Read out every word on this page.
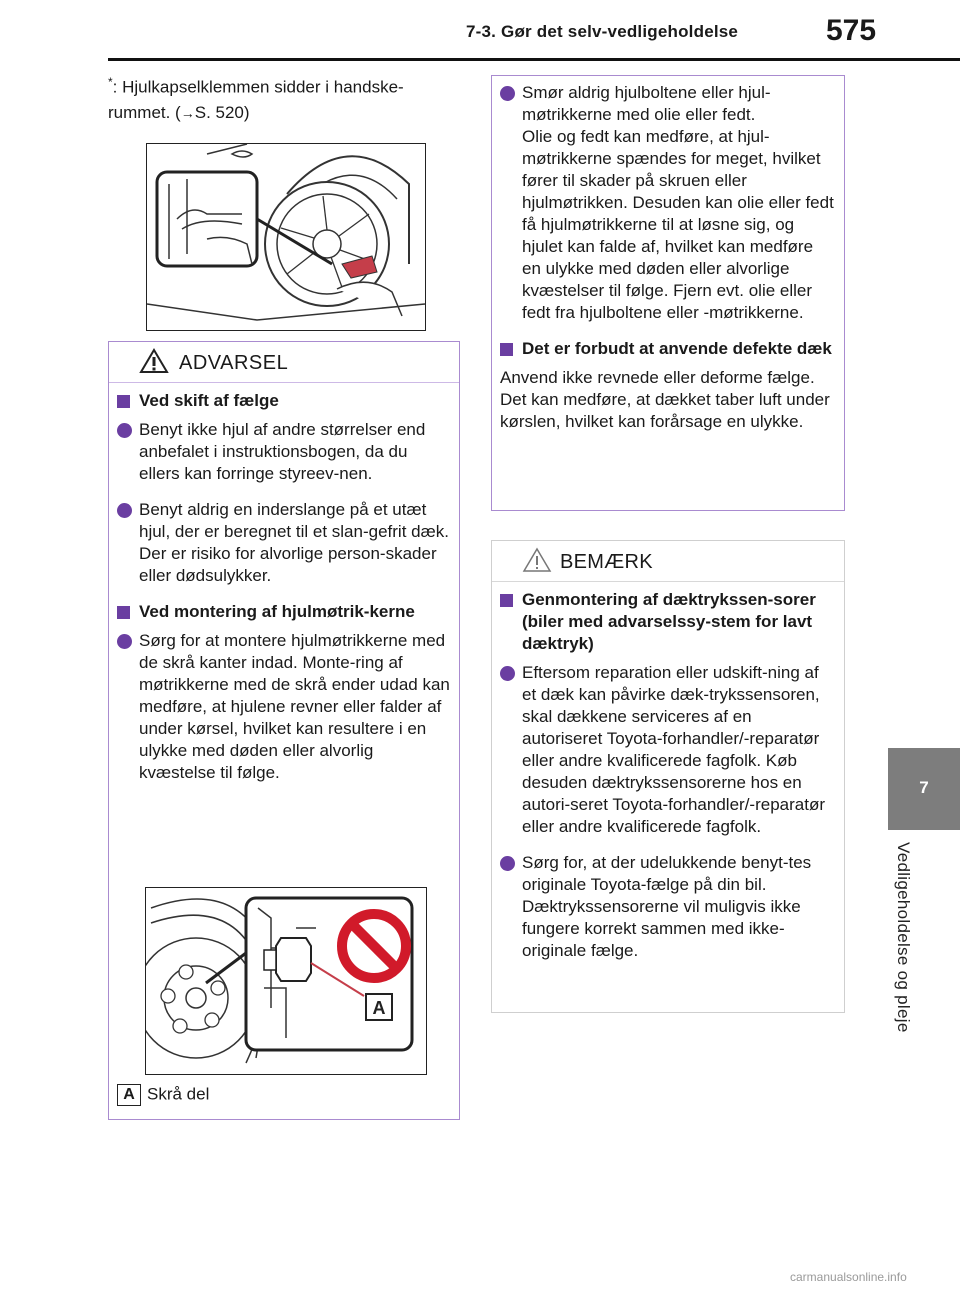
7-3. Gør det selv-vedligeholdelse	575
7
Vedligeholdelse og pleje
*: Hjulkapselklemmen sidder i handske-rummet. (→S. 520)
ADVARSEL
Ved skift af fælge
Benyt ikke hjul af andre størrelser end anbefalet i instruktionsbogen, da du ellers kan forringe styreev-nen.
Benyt aldrig en inderslange på et utæt hjul, der er beregnet til et slan-gefrit dæk.
Der er risiko for alvorlige person-skader eller dødsulykker.
Ved montering af hjulmøtrik-kerne
Sørg for at montere hjulmøtrikkerne med de skrå kanter indad. Monte-ring af møtrikkerne med de skrå ender udad kan medføre, at hjulene revner eller falder af under kørsel, hvilket kan resultere i en ulykke med døden eller alvorlig kvæstelse til følge.
A
A Skrå del
Smør aldrig hjulboltene eller hjul-møtrikkerne med olie eller fedt.
Olie og fedt kan medføre, at hjul-møtrikkerne spændes for meget, hvilket fører til skader på skruen eller hjulmøtrikken. Desuden kan olie eller fedt få hjulmøtrikkerne til at løsne sig, og hjulet kan falde af, hvilket kan medføre en ulykke med døden eller alvorlige kvæstelser til følge. Fjern evt. olie eller fedt fra hjulboltene eller -møtrikkerne.
Det er forbudt at anvende defekte dæk
Anvend ikke revnede eller deforme fælge. Det kan medføre, at dækket taber luft under kørslen, hvilket kan forårsage en ulykke.
BEMÆRK
Genmontering af dæktrykssen-sorer (biler med advarselssy-stem for lavt dæktryk)
Eftersom reparation eller udskift-ning af et dæk kan påvirke dæk-trykssensoren, skal dækkene serviceres af en autoriseret Toyota-forhandler/-reparatør eller andre kvalificerede fagfolk. Køb desuden dæktrykssensorerne hos en autori-seret Toyota-forhandler/-reparatør eller andre kvalificerede fagfolk.
Sørg for, at der udelukkende benyt-tes originale Toyota-fælge på din bil.
Dæktrykssensorerne vil muligvis ikke fungere korrekt sammen med ikke-originale fælge.
carmanualsonline.info
